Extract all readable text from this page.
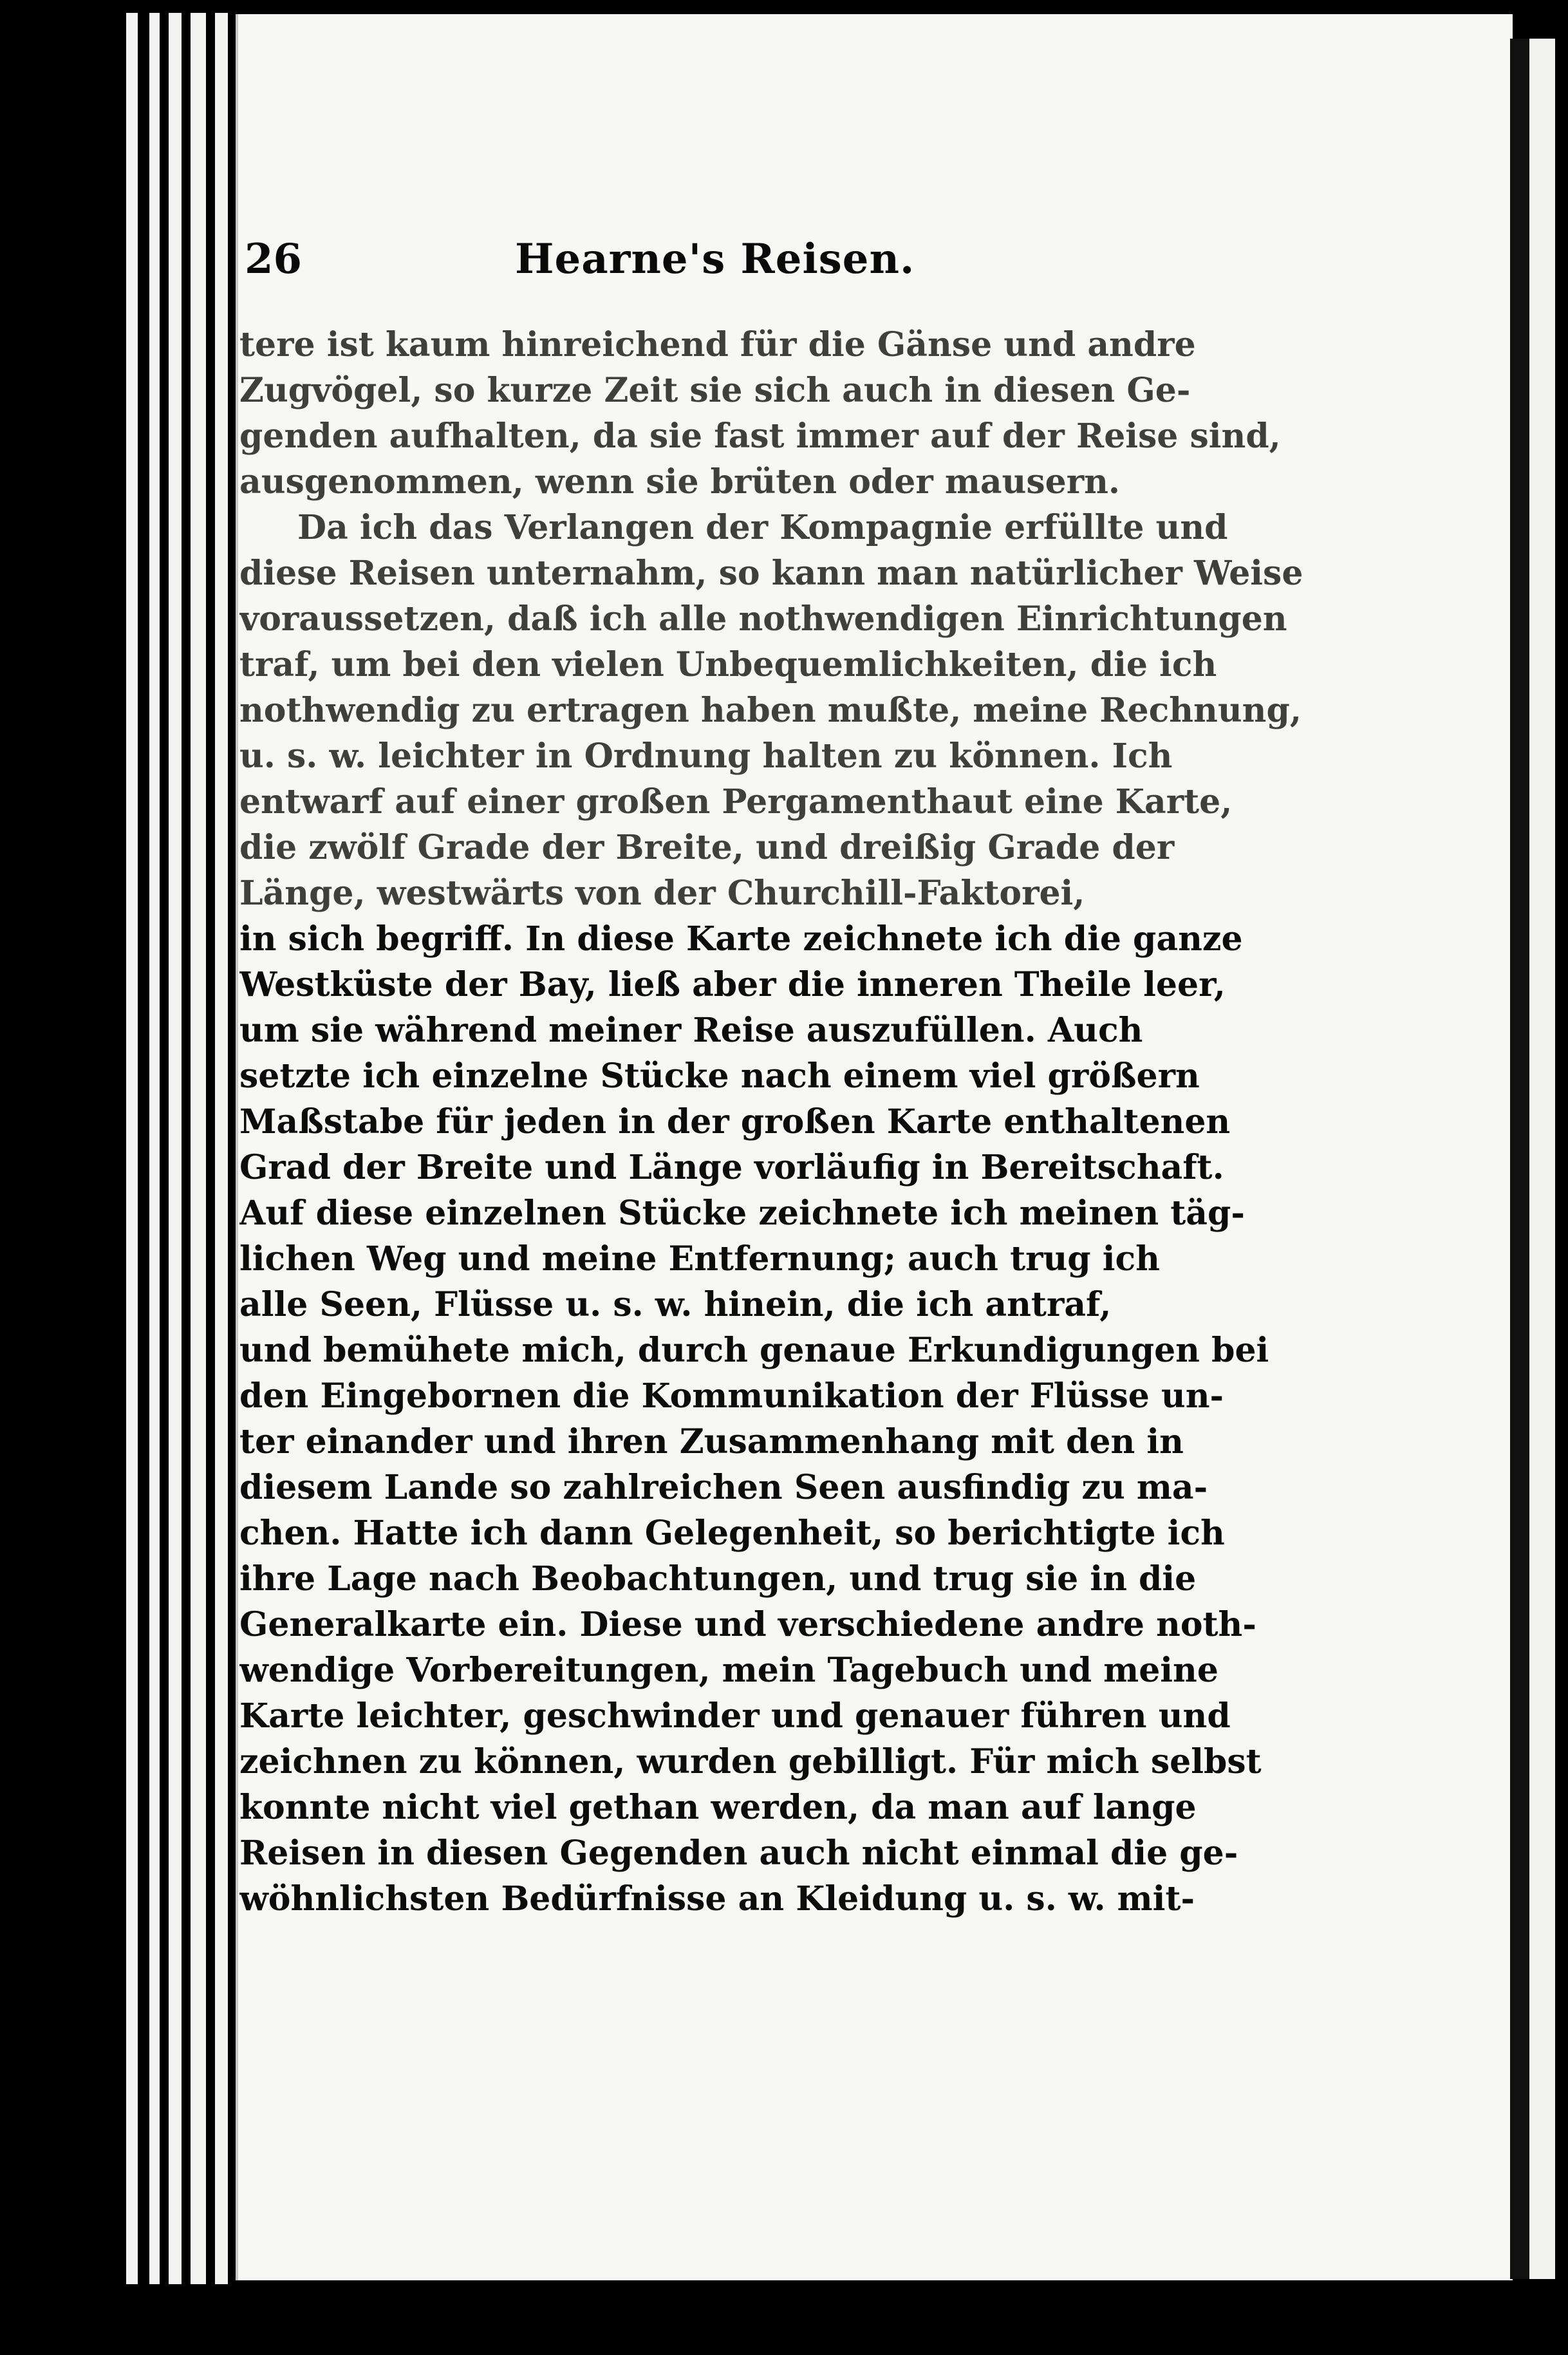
26	Hearne's Reisen.
tere ist kaum hinreichend für die Gänse und andre
Zugvögel, so kurze Zeit sie sich auch in diesen Ge-
genden aufhalten, da sie fast immer auf der Reise sind,
ausgenommen, wenn sie brüten oder mausern.
Da ich das Verlangen der Kompagnie erfüllte und
diese Reisen unternahm, so kann man natürlicher Weise
voraussetzen, daß ich alle nothwendigen Einrichtungen
traf, um bei den vielen Unbequemlichkeiten, die ich
nothwendig zu ertragen haben mußte, meine Rechnung,
u. s. w. leichter in Ordnung halten zu können. Ich
entwarf auf einer großen Pergamenthaut eine Karte,
die zwölf Grade der Breite, und dreißig Grade der
Länge, westwärts von der Churchill-Faktorei,
in sich begriff. In diese Karte zeichnete ich die ganze
Westküste der Bay, ließ aber die inneren Theile leer,
um sie während meiner Reise auszufüllen. Auch
setzte ich einzelne Stücke nach einem viel größern
Maßstabe für jeden in der großen Karte enthaltenen
Grad der Breite und Länge vorläufig in Bereitschaft.
Auf diese einzelnen Stücke zeichnete ich meinen täg-
lichen Weg und meine Entfernung; auch trug ich
alle Seen, Flüsse u. s. w. hinein, die ich antraf,
und bemühete mich, durch genaue Erkundigungen bei
den Eingebornen die Kommunikation der Flüsse un-
ter einander und ihren Zusammenhang mit den in
diesem Lande so zahlreichen Seen ausfindig zu ma-
chen. Hatte ich dann Gelegenheit, so berichtigte ich
ihre Lage nach Beobachtungen, und trug sie in die
Generalkarte ein. Diese und verschiedene andre noth-
wendige Vorbereitungen, mein Tagebuch und meine
Karte leichter, geschwinder und genauer führen und
zeichnen zu können, wurden gebilligt. Für mich selbst
konnte nicht viel gethan werden, da man auf lange
Reisen in diesen Gegenden auch nicht einmal die ge-
wöhnlichsten Bedürfnisse an Kleidung u. s. w. mit-
